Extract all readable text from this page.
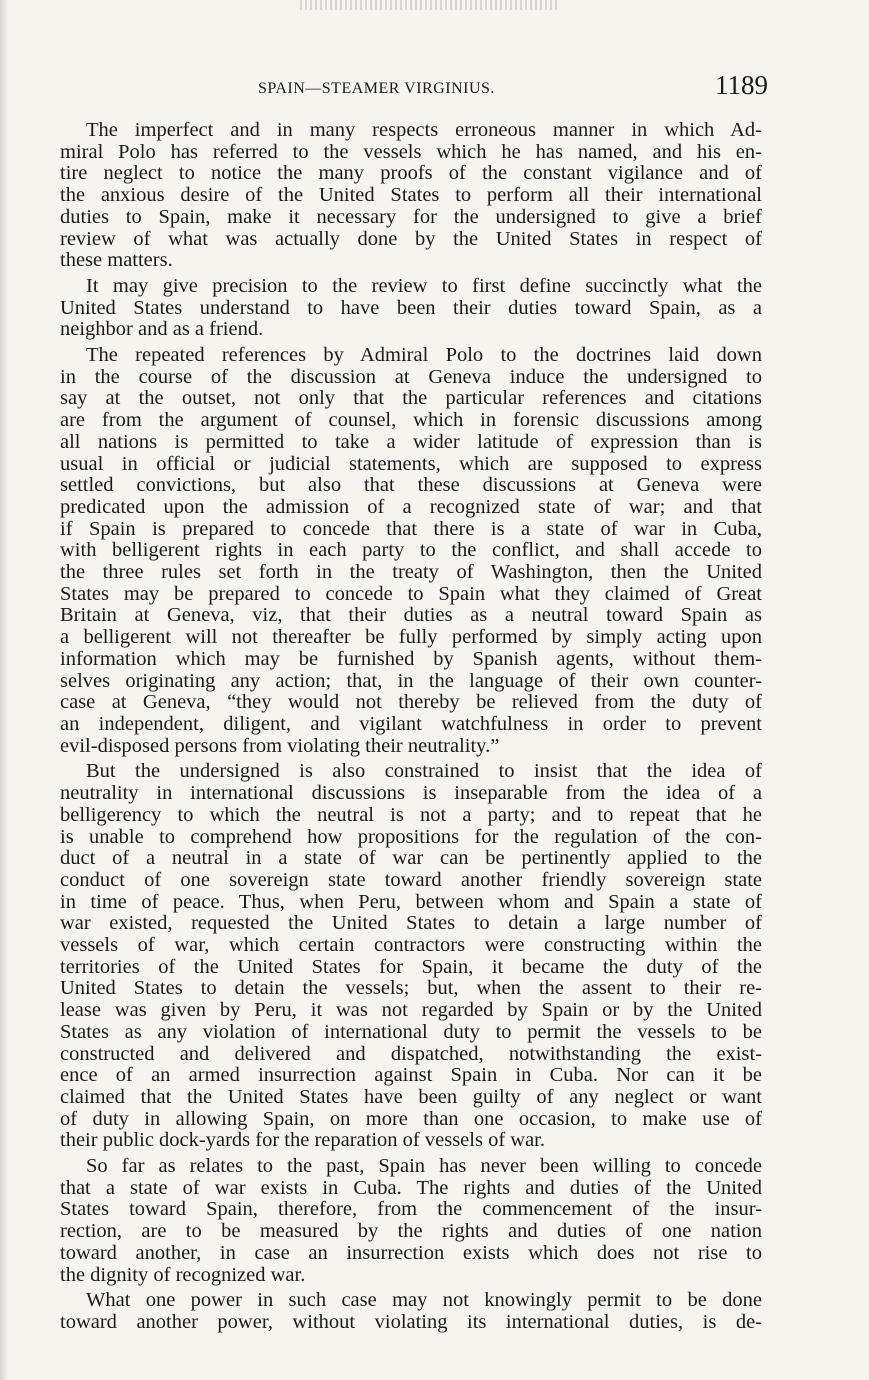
SPAIN—STEAMER VIRGINIUS.	1189

The imperfect and in many respects erroneous manner in which Ad-
miral Polo has referred to the vessels which he has named, and his en-
tire neglect to notice the many proofs of the constant vigilance and of
the anxious desire of the United States to perform all their international
duties to Spain, make it necessary for the undersigned to give a brief
review of what was actually done by the United States in respect of
these matters.

It may give precision to the review to first define succinctly what the
United States understand to have been their duties toward Spain, as a
neighbor and as a friend.

The repeated references by Admiral Polo to the doctrines laid down
in the course of the discussion at Geneva induce the undersigned to
say at the outset, not only that the particular references and citations
are from the argument of counsel, which in forensic discussions among
all nations is permitted to take a wider latitude of expression than is
usual in official or judicial statements, which are supposed to express
settled convictions, but also that these discussions at Geneva were
predicated upon the admission of a recognized state of war; and that
if Spain is prepared to concede that there is a state of war in Cuba,
with belligerent rights in each party to the conflict, and shall accede to
the three rules set forth in the treaty of Washington, then the United
States may be prepared to concede to Spain what they claimed of Great
Britain at Geneva, viz, that their duties as a neutral toward Spain as
a belligerent will not thereafter be fully performed by simply acting upon
information which may be furnished by Spanish agents, without them-
selves originating any action; that, in the language of their own counter-
case at Geneva, “they would not thereby be relieved from the duty of
an independent, diligent, and vigilant watchfulness in order to prevent
evil-disposed persons from violating their neutrality.”

But the undersigned is also constrained to insist that the idea of
neutrality in international discussions is inseparable from the idea of a
belligerency to which the neutral is not a party; and to repeat that he
is unable to comprehend how propositions for the regulation of the con-
duct of a neutral in a state of war can be pertinently applied to the
conduct of one sovereign state toward another friendly sovereign state
in time of peace. Thus, when Peru, between whom and Spain a state of
war existed, requested the United States to detain a large number of
vessels of war, which certain contractors were constructing within the
territories of the United States for Spain, it became the duty of the
United States to detain the vessels; but, when the assent to their re-
lease was given by Peru, it was not regarded by Spain or by the United
States as any violation of international duty to permit the vessels to be
constructed and delivered and dispatched, notwithstanding the exist-
ence of an armed insurrection against Spain in Cuba. Nor can it be
claimed that the United States have been guilty of any neglect or want
of duty in allowing Spain, on more than one occasion, to make use of
their public dock-yards for the reparation of vessels of war.

So far as relates to the past, Spain has never been willing to concede
that a state of war exists in Cuba. The rights and duties of the United
States toward Spain, therefore, from the commencement of the insur-
rection, are to be measured by the rights and duties of one nation
toward another, in case an insurrection exists which does not rise to
the dignity of recognized war.

What one power in such case may not knowingly permit to be done
toward another power, without violating its international duties, is de-
